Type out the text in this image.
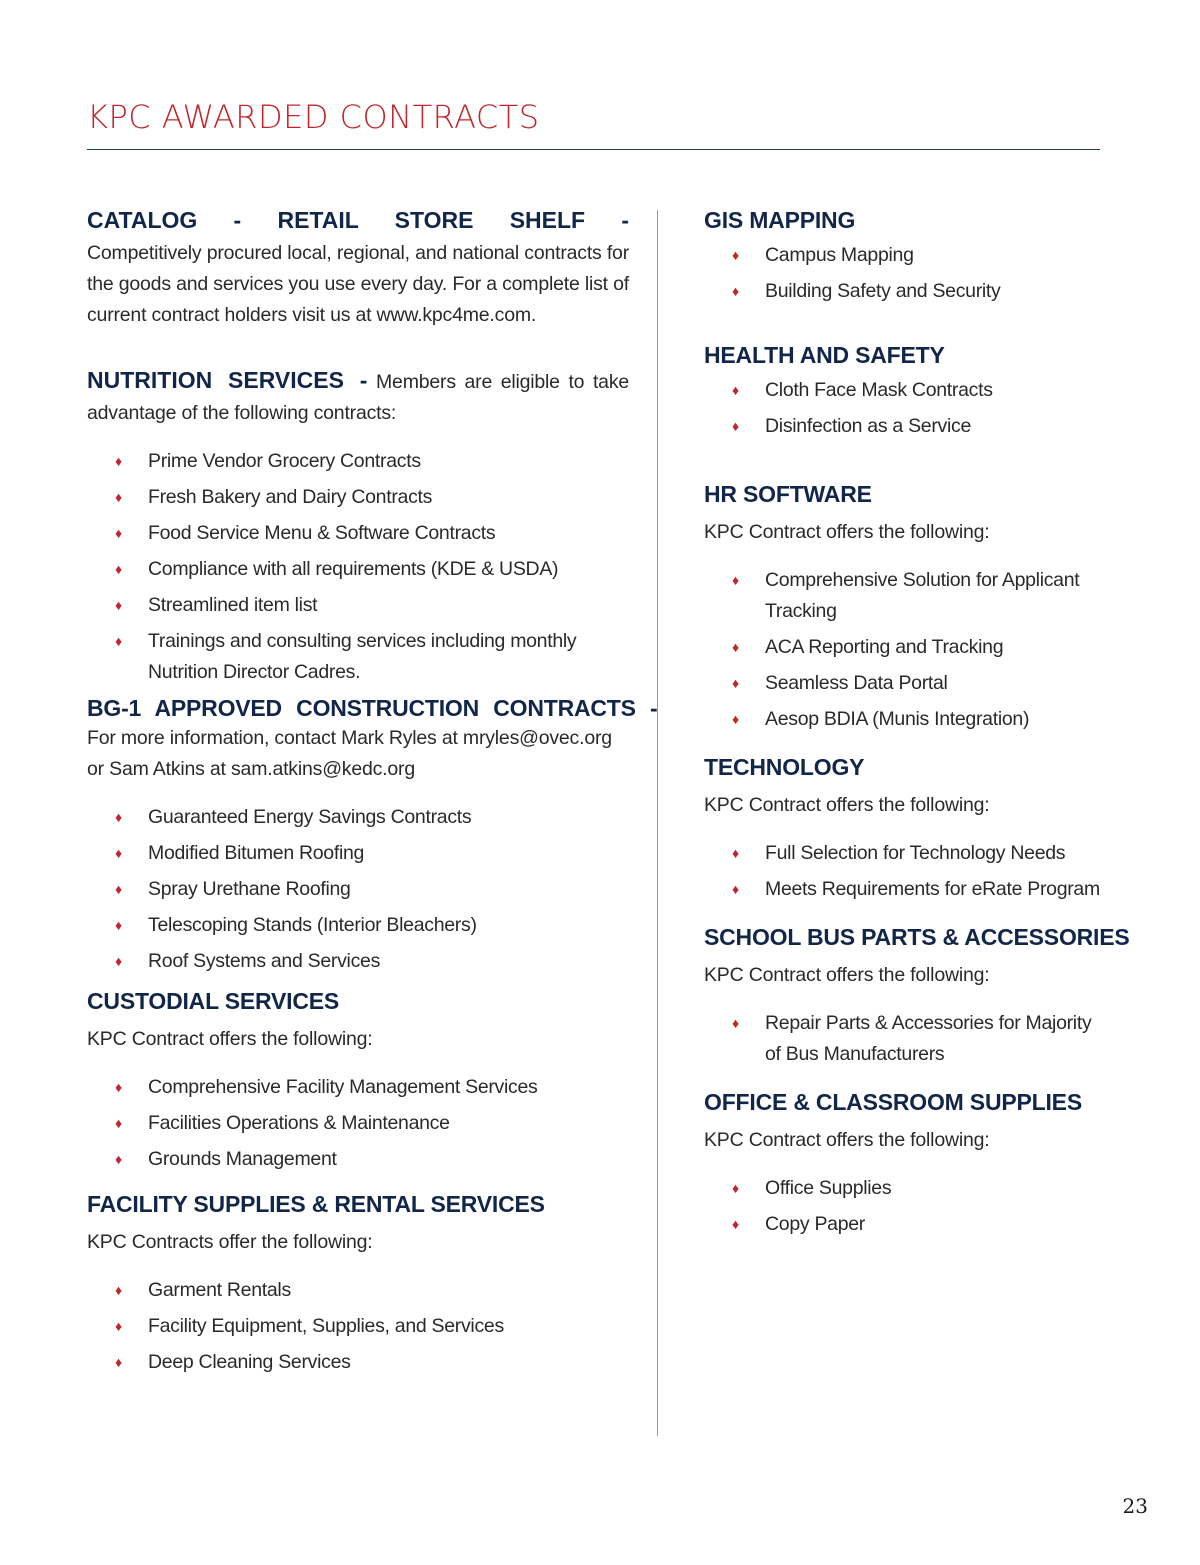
KPC AWARDED CONTRACTS
CATALOG - RETAIL STORE SHELF - Competitively procured local, regional, and national contracts for the goods and services you use every day. For a complete list of current contract holders visit us at www.kpc4me.com.
NUTRITION SERVICES - Members are eligible to take advantage of the following contracts:
♦ Prime Vendor Grocery Contracts
♦ Fresh Bakery and Dairy Contracts
♦ Food Service Menu & Software Contracts
♦ Compliance with all requirements (KDE & USDA)
♦ Streamlined item list
♦ Trainings and consulting services including monthly Nutrition Director Cadres.
BG-1 APPROVED CONSTRUCTION CONTRACTS -
For more information, contact Mark Ryles at mryles@ovec.org or Sam Atkins at sam.atkins@kedc.org
♦ Guaranteed Energy Savings Contracts
♦ Modified Bitumen Roofing
♦ Spray Urethane Roofing
♦ Telescoping Stands (Interior Bleachers)
♦ Roof Systems and Services
CUSTODIAL SERVICES
KPC Contract offers the following:
♦ Comprehensive Facility Management Services
♦ Facilities Operations & Maintenance
♦ Grounds Management
FACILITY SUPPLIES & RENTAL SERVICES
KPC Contracts offer the following:
♦ Garment Rentals
♦ Facility Equipment, Supplies, and Services
♦ Deep Cleaning Services
GIS MAPPING
♦ Campus Mapping
♦ Building Safety and Security
HEALTH AND SAFETY
♦ Cloth Face Mask Contracts
♦ Disinfection as a Service
HR SOFTWARE
KPC Contract offers the following:
♦ Comprehensive Solution for Applicant Tracking
♦ ACA Reporting and Tracking
♦ Seamless Data Portal
♦ Aesop BDIA (Munis Integration)
TECHNOLOGY
KPC Contract offers the following:
♦ Full Selection for Technology Needs
♦ Meets Requirements for eRate Program
SCHOOL BUS PARTS & ACCESSORIES
KPC Contract offers the following:
♦ Repair Parts & Accessories for Majority of Bus Manufacturers
OFFICE & CLASSROOM SUPPLIES
KPC Contract offers the following:
♦ Office Supplies
♦ Copy Paper
23
